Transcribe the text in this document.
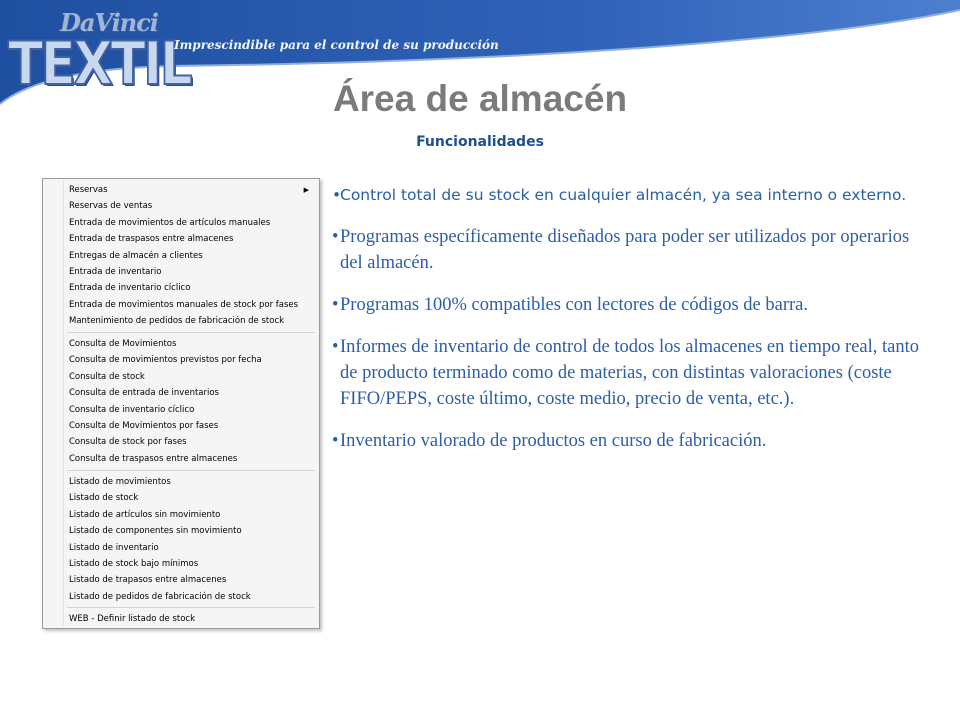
DaVinci
TEXTIL
Imprescindible para el control de su producción
Área de almacén
Funcionalidades
Reservas	▶
Reservas de ventas
Entrada de movimientos de artículos manuales
Entrada de traspasos entre almacenes
Entregas de almacén a clientes
Entrada de inventario
Entrada de inventario cíclico
Entrada de movimientos manuales de stock por fases
Mantenimiento de pedidos de fabricación de stock
Consulta de Movimientos
Consulta de movimientos previstos por fecha
Consulta de stock
Consulta de entrada de inventarios
Consulta de inventario cíclico
Consulta de Movimientos por fases
Consulta de stock por fases
Consulta de traspasos entre almacenes
Listado de movimientos
Listado de stock
Listado de artículos sin movimiento
Listado de componentes sin movimiento
Listado de inventario
Listado de stock bajo mínimos
Listado de trapasos entre almacenes
Listado de pedidos de fabricación de stock
WEB - Definir listado de stock
• Control total de su stock en cualquier almacén, ya sea interno o externo.
• Programas específicamente diseñados para poder ser utilizados por operarios del almacén.
• Programas 100% compatibles con lectores de códigos de barra.
• Informes de inventario de control de todos los almacenes en tiempo real, tanto de producto terminado como de materias, con distintas valoraciones (coste FIFO/PEPS, coste último, coste medio, precio de venta, etc.).
• Inventario valorado de productos en curso de fabricación.
